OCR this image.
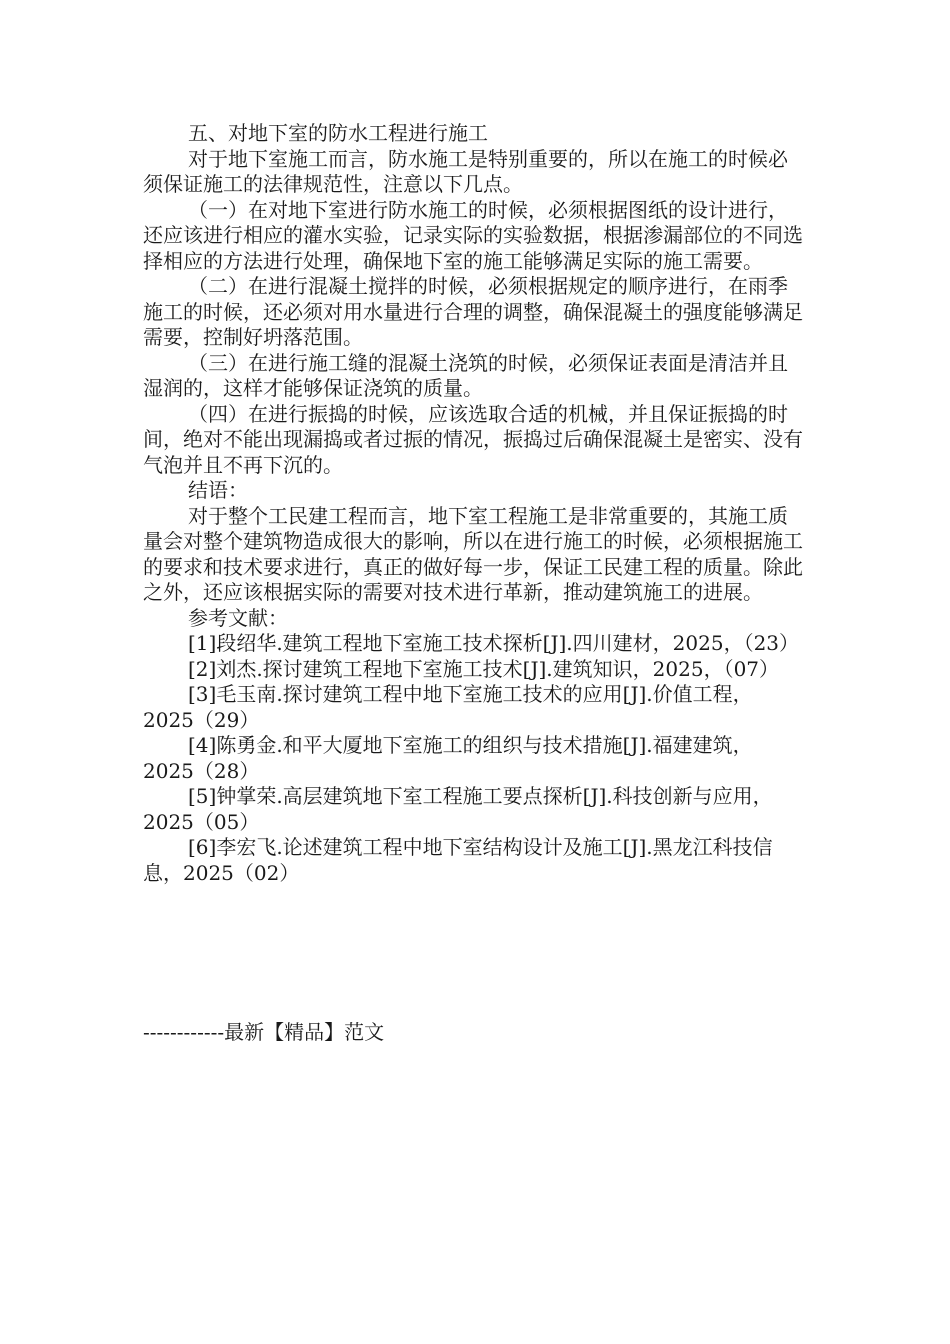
五、对地下室的防水工程进行施工

对于地下室施工而言，防水施工是特别重要的，所以在施工的时候必须保证施工的法律规范性，注意以下几点。

（一）在对地下室进行防水施工的时候，必须根据图纸的设计进行，还应该进行相应的灌水实验，记录实际的实验数据，根据渗漏部位的不同选择相应的方法进行处理，确保地下室的施工能够满足实际的施工需要。

（二）在进行混凝土搅拌的时候，必须根据规定的顺序进行，在雨季施工的时候，还必须对用水量进行合理的调整，确保混凝土的强度能够满足需要，控制好坍落范围。

（三）在进行施工缝的混凝土浇筑的时候，必须保证表面是清洁并且湿润的，这样才能够保证浇筑的质量。

（四）在进行振捣的时候，应该选取合适的机械，并且保证振捣的时间，绝对不能出现漏捣或者过振的情况，振捣过后确保混凝土是密实、没有气泡并且不再下沉的。

结语：

对于整个工民建工程而言，地下室工程施工是非常重要的，其施工质量会对整个建筑物造成很大的影响，所以在进行施工的时候，必须根据施工的要求和技术要求进行，真正的做好每一步，保证工民建工程的质量。除此之外，还应该根据实际的需要对技术进行革新，推动建筑施工的进展。

参考文献：

[1]段绍华.建筑工程地下室施工技术探析[J].四川建材，2025，（23）

[2]刘杰.探讨建筑工程地下室施工技术[J].建筑知识，2025，（07）

[3]毛玉南.探讨建筑工程中地下室施工技术的应用[J].价值工程，2025（29）

[4]陈勇金.和平大厦地下室施工的组织与技术措施[J].福建建筑，2025（28）

[5]钟掌荣.高层建筑地下室工程施工要点探析[J].科技创新与应用，2025（05）

[6]李宏飞.论述建筑工程中地下室结构设计及施工[J].黑龙江科技信息，2025（02）

------------最新【精品】范文
